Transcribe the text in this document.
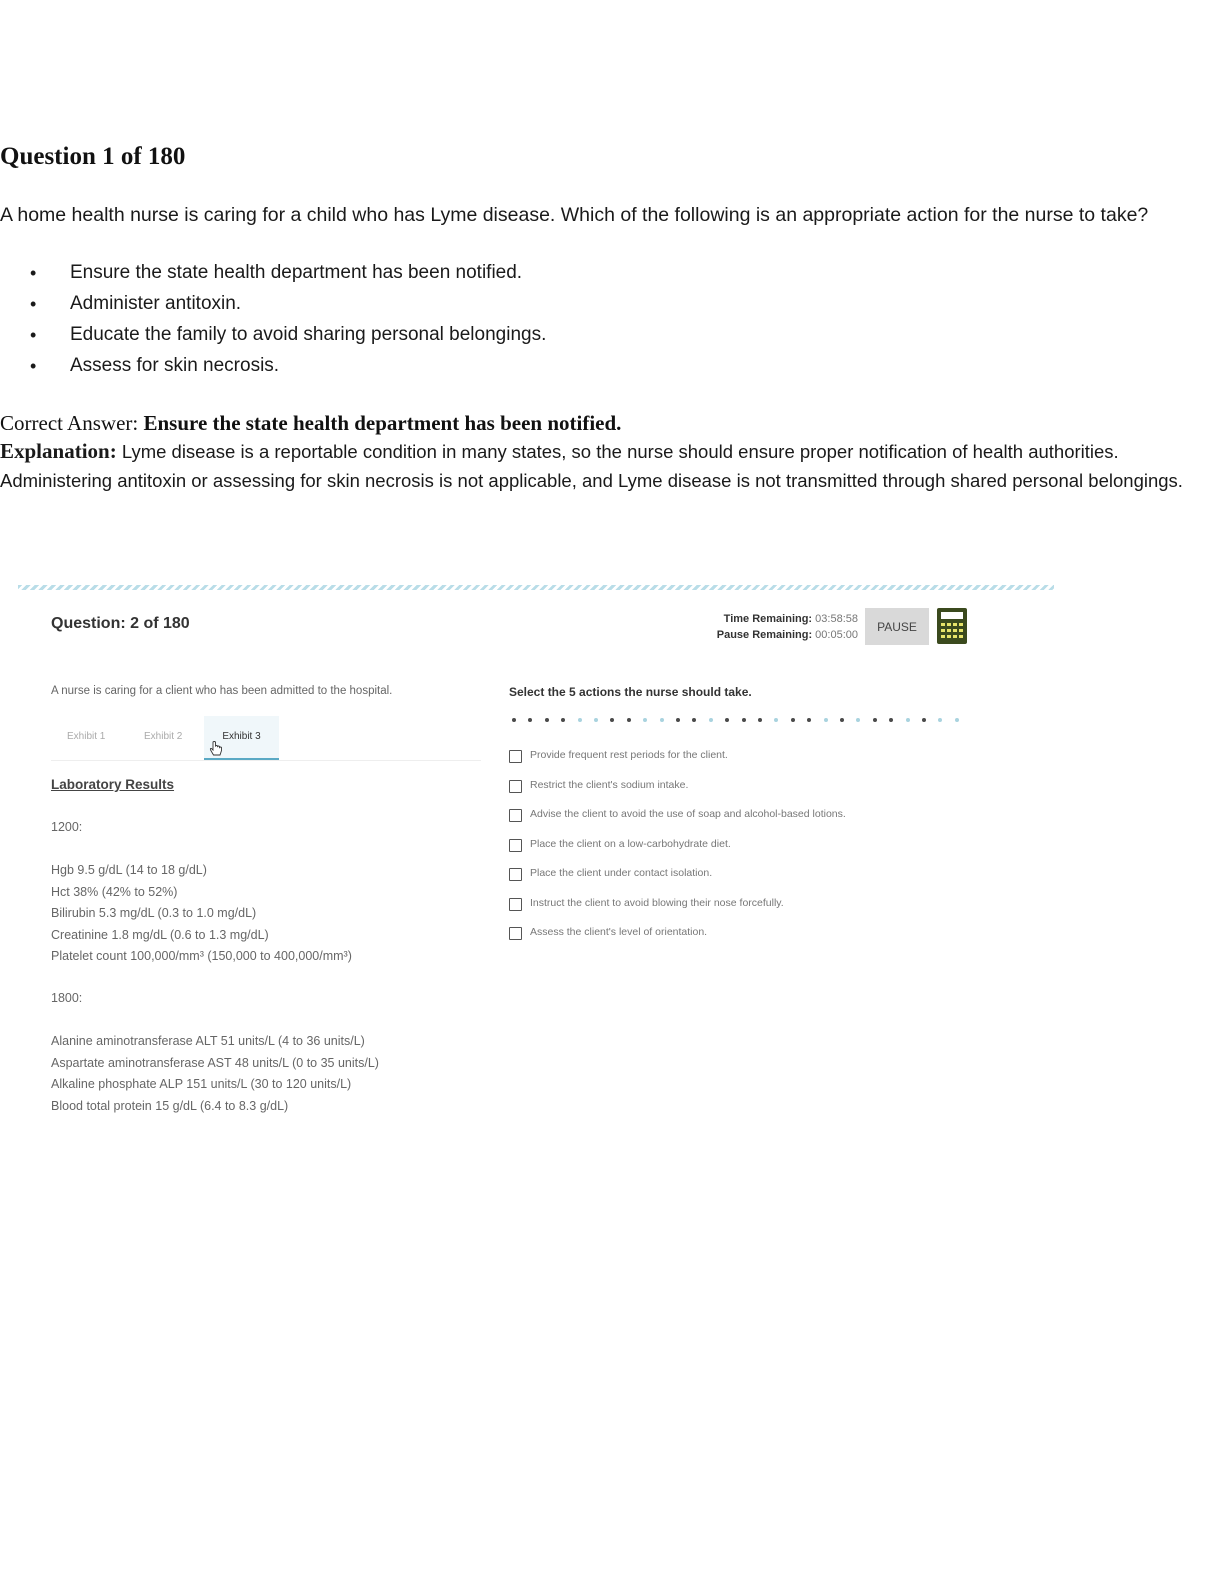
Question 1 of 180
A home health nurse is caring for a child who has Lyme disease. Which of the following is an appropriate action for the nurse to take?
• Ensure the state health department has been notified.
• Administer antitoxin.
• Educate the family to avoid sharing personal belongings.
• Assess for skin necrosis.
Correct Answer: Ensure the state health department has been notified.
Explanation: Lyme disease is a reportable condition in many states, so the nurse should ensure proper notification of health authorities. Administering antitoxin or assessing for skin necrosis is not applicable, and Lyme disease is not transmitted through shared personal belongings.
Question: 2 of 180	Time Remaining: 03:58:58
Pause Remaining: 00:05:00
PAUSE
A nurse is caring for a client who has been admitted to the hospital.
Exhibit 1	Exhibit 2	Exhibit 3
Laboratory Results
1200:
Hgb 9.5 g/dL (14 to 18 g/dL)
Hct 38% (42% to 52%)
Bilirubin 5.3 mg/dL (0.3 to 1.0 mg/dL)
Creatinine 1.8 mg/dL (0.6 to 1.3 mg/dL)
Platelet count 100,000/mm³ (150,000 to 400,000/mm³)
1800:
Alanine aminotransferase ALT 51 units/L (4 to 36 units/L)
Aspartate aminotransferase AST 48 units/L (0 to 35 units/L)
Alkaline phosphate ALP 151 units/L (30 to 120 units/L)
Blood total protein 15 g/dL (6.4 to 8.3 g/dL)
Select the 5 actions the nurse should take.
Provide frequent rest periods for the client.
Restrict the client's sodium intake.
Advise the client to avoid the use of soap and alcohol-based lotions.
Place the client on a low-carbohydrate diet.
Place the client under contact isolation.
Instruct the client to avoid blowing their nose forcefully.
Assess the client's level of orientation.
